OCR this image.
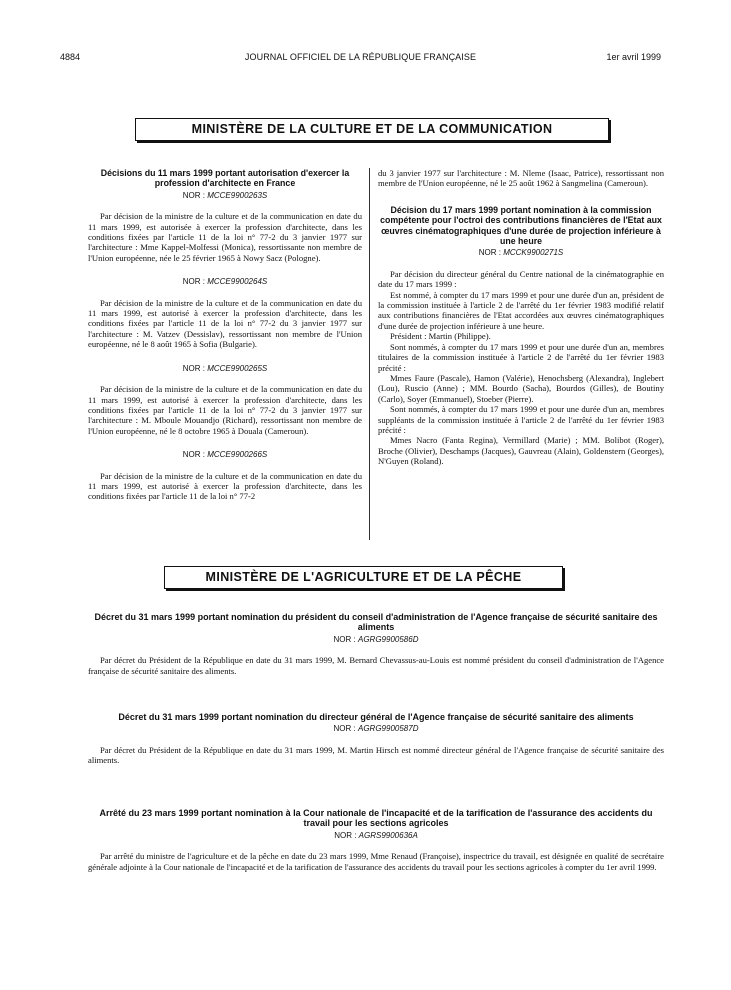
4884	JOURNAL OFFICIEL DE LA RÉPUBLIQUE FRANÇAISE	1er avril 1999
MINISTÈRE DE LA CULTURE ET DE LA COMMUNICATION
Décisions du 11 mars 1999 portant autorisation d'exercer la profession d'architecte en France
NOR : MCCE9900263S

Par décision de la ministre de la culture et de la communication en date du 11 mars 1999, est autorisée à exercer la profession d'architecte, dans les conditions fixées par l'article 11 de la loi n° 77-2 du 3 janvier 1977 sur l'architecture : Mme Kappel-Molfessi (Monica), ressortissante non membre de l'Union européenne, née le 25 février 1965 à Nowy Sacz (Pologne).

NOR : MCCE9900264S

Par décision de la ministre de la culture et de la communication en date du 11 mars 1999, est autorisé à exercer la profession d'architecte, dans les conditions fixées par l'article 11 de la loi n° 77-2 du 3 janvier 1977 sur l'architecture : M. Vatzev (Dessislav), ressortissant non membre de l'Union européenne, né le 8 août 1965 à Sofia (Bulgarie).

NOR : MCCE9900265S

Par décision de la ministre de la culture et de la communication en date du 11 mars 1999, est autorisé à exercer la profession d'architecte, dans les conditions fixées par l'article 11 de la loi n° 77-2 du 3 janvier 1977 sur l'architecture : M. Mboule Mouandjo (Richard), ressortissant non membre de l'Union européenne, né le 8 octobre 1965 à Douala (Cameroun).

NOR : MCCE9900266S

Par décision de la ministre de la culture et de la communication en date du 11 mars 1999, est autorisé à exercer la profession d'architecte, dans les conditions fixées par l'article 11 de la loi n° 77-2

du 3 janvier 1977 sur l'architecture : M. Nleme (Isaac, Patrice), ressortissant non membre de l'Union européenne, né le 25 août 1962 à Sangmelina (Cameroun).

Décision du 17 mars 1999 portant nomination à la commission compétente pour l'octroi des contributions financières de l'Etat aux œuvres cinématographiques d'une durée de projection inférieure à une heure
NOR : MCCK9900271S

Par décision du directeur général du Centre national de la cinématographie en date du 17 mars 1999 :

Est nommé, à compter du 17 mars 1999 et pour une durée d'un an, président de la commission instituée à l'article 2 de l'arrêté du 1er février 1983 modifié relatif aux contributions financières de l'Etat accordées aux œuvres cinématographiques d'une durée de projection inférieure à une heure.

Président : Martin (Philippe).

Sont nommés, à compter du 17 mars 1999 et pour une durée d'un an, membres titulaires de la commission instituée à l'article 2 de l'arrêté du 1er février 1983 précité :

Mmes Faure (Pascale), Hamon (Valérie), Henochsberg (Alexandra), Inglebert (Lou), Ruscio (Anne) ; MM. Bourdo (Sacha), Bourdos (Gilles), de Boutiny (Carlo), Soyer (Emmanuel), Stoeber (Pierre).

Sont nommés, à compter du 17 mars 1999 et pour une durée d'un an, membres suppléants de la commission instituée à l'article 2 de l'arrêté du 1er février 1983 précité :

Mmes Nacro (Fanta Regina), Vermillard (Marie) ; MM. Bolibot (Roger), Broche (Olivier), Deschamps (Jacques), Gauvreau (Alain), Goldenstern (Georges), N'Guyen (Roland).

MINISTÈRE DE L'AGRICULTURE ET DE LA PÊCHE
Décret du 31 mars 1999 portant nomination du président du conseil d'administration de l'Agence française de sécurité sanitaire des aliments
NOR : AGRG9900586D

Par décret du Président de la République en date du 31 mars 1999, M. Bernard Chevassus-au-Louis est nommé président du conseil d'administration de l'Agence française de sécurité sanitaire des aliments.

Décret du 31 mars 1999 portant nomination du directeur général de l'Agence française de sécurité sanitaire des aliments
NOR : AGRG9900587D

Par décret du Président de la République en date du 31 mars 1999, M. Martin Hirsch est nommé directeur général de l'Agence française de sécurité sanitaire des aliments.

Arrêté du 23 mars 1999 portant nomination à la Cour nationale de l'incapacité et de la tarification de l'assurance des accidents du travail pour les sections agricoles
NOR : AGRS9900636A

Par arrêté du ministre de l'agriculture et de la pêche en date du 23 mars 1999, Mme Renaud (Françoise), inspectrice du travail, est désignée en qualité de secrétaire générale adjointe à la Cour nationale de l'incapacité et de la tarification de l'assurance des accidents du travail pour les sections agricoles à compter du 1er avril 1999.
